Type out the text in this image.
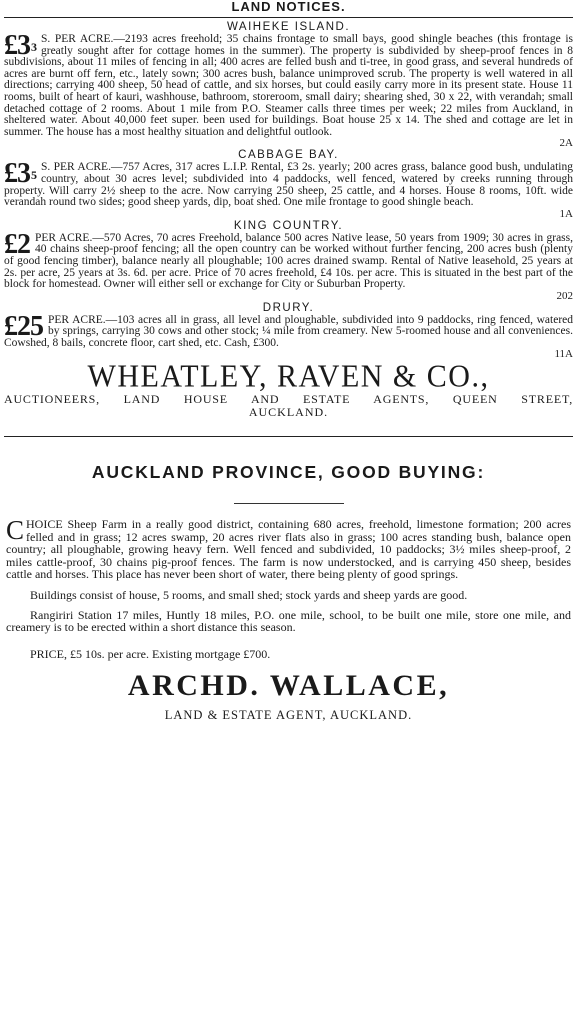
LAND NOTICES.
WAIHEKE ISLAND.
$£3^3$
S. PER ACRE.—2193 acres freehold; 35 chains frontage to small bays, good shingle beaches (this frontage is greatly sought after for cottage homes in the summer). The property is subdivided by sheep-proof fences in 8 subdivisions, about 11 miles of fencing in all; 400 acres are felled bush and ti-tree, in good grass, and several hundreds of acres are burnt off fern, etc., lately sown; 300 acres bush, balance unimproved scrub. The property is well watered in all directions; carrying 400 sheep, 50 head of cattle, and six horses, but could easily carry more in its present state. House 11 rooms, built of heart of kauri, washhouse, bathroom, storeroom, small dairy; shearing shed, 30 x 22, with verandah; small detached cottage of 2 rooms. About 1 mile from P.O. Steamer calls three times per week; 22 miles from Auckland, in sheltered water. About 40,000 feet super. been used for buildings. Boat house 25 x 14. The shed and cottage are let in summer. The house has a most healthy situation and delightful outlook.
2A
CABBAGE BAY.
$£3^5$
S. PER ACRE.—757 Acres, 317 acres L.I.P. Rental, £3 2s. yearly; 200 acres grass, balance good bush, undulating country, about 30 acres level; subdivided into 4 paddocks, well fenced, watered by creeks running through property. Will carry 2½ sheep to the acre. Now carrying 250 sheep, 25 cattle, and 4 horses. House 8 rooms, 10ft. wide verandah round two sides; good sheep yards, dip, boat shed. One mile frontage to good shingle beach.
1A
KING COUNTRY.
£2 PER ACRE.—570 Acres, 70 acres Freehold, balance 500 acres Native lease, 50 years from 1909; 30 acres in grass, 40 chains sheep-proof fencing; all the open country can be worked without further fencing, 200 acres bush (plenty of good fencing timber), balance nearly all ploughable; 100 acres drained swamp. Rental of Native leasehold, 25 years at 2s. per acre, 25 years at 3s. 6d. per acre. Price of 70 acres freehold, £4 10s. per acre. This is situated in the best part of the block for homestead. Owner will either sell or exchange for City or Suburban Property.
202
DRURY.
£25 PER ACRE.—103 acres all in grass, all level and ploughable, subdivided into 9 paddocks, ring fenced, watered by springs, carrying 30 cows and other stock; ¼ mile from creamery. New 5-roomed house and all conveniences. Cowshed, 8 bails, concrete floor, cart shed, etc. Cash, £300.
11A
WHEATLEY, RAVEN & CO.,
AUCTIONEERS, LAND HOUSE AND ESTATE AGENTS, QUEEN STREET,
AUCKLAND.
AUCKLAND PROVINCE, GOOD BUYING:

CHOICE Sheep Farm in a really good district, containing 680 acres, freehold, limestone formation; 200 acres felled and in grass; 12 acres swamp, 20 acres river flats also in grass; 100 acres standing bush, balance open country; all ploughable, growing heavy fern. Well fenced and subdivided, 10 paddocks; 3½ miles sheep-proof, 2 miles cattle-proof, 30 chains pig-proof fences. The farm is now understocked, and is carrying 450 sheep, besides cattle and horses. This place has never been short of water, there being plenty of good springs.

Buildings consist of house, 5 rooms, and small shed; stock yards and sheep yards are good.

Rangiriri Station 17 miles, Huntly 18 miles, P.O. one mile, school, to be built one mile, store one mile, and creamery is to be erected within a short distance this season.

PRICE, £5 10s. per acre. Existing mortgage £700.

ARCHD. WALLACE,
LAND & ESTATE AGENT, AUCKLAND.
